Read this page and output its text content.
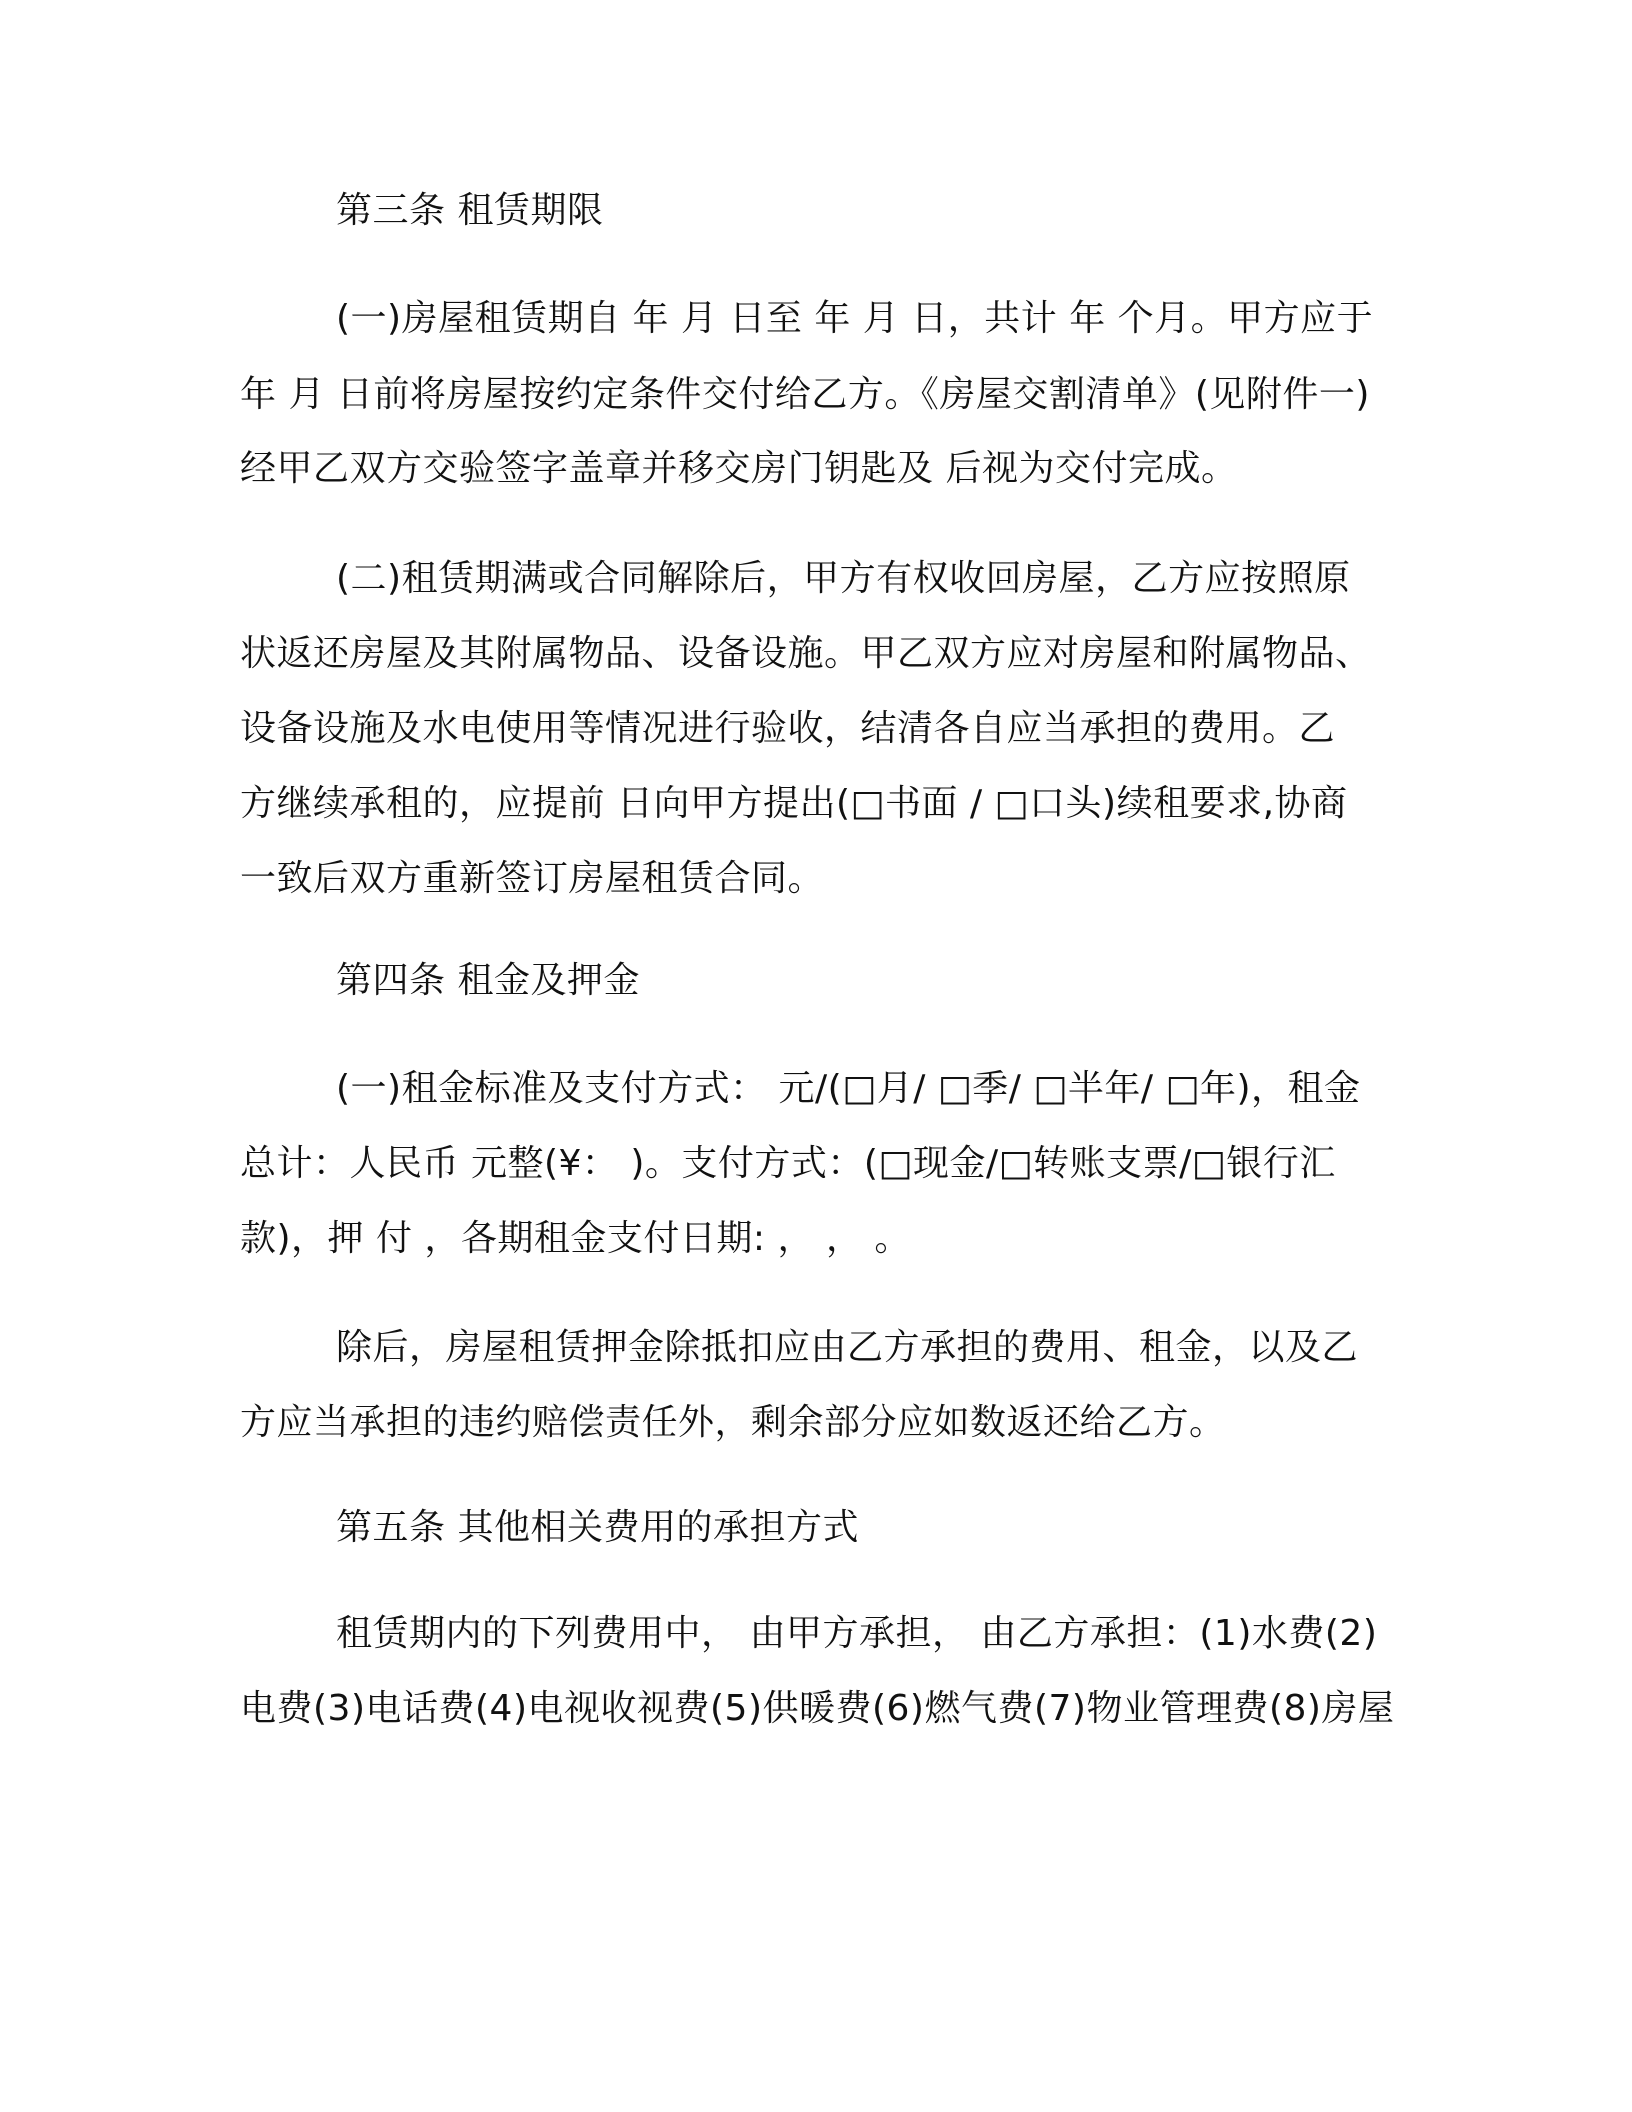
第三条 租赁期限
(一)房屋租赁期自 年 月 日至 年 月 日，共计 年 个月。甲方应于
年 月 日前将房屋按约定条件交付给乙方。《房屋交割清单》(见附件一)
经甲乙双方交验签字盖章并移交房门钥匙及 后视为交付完成。
(二)租赁期满或合同解除后，甲方有权收回房屋，乙方应按照原
状返还房屋及其附属物品、设备设施。甲乙双方应对房屋和附属物品、
设备设施及水电使用等情况进行验收，结清各自应当承担的费用。乙
方继续承租的，应提前 日向甲方提出(□书面 / □口头)续租要求,协商
一致后双方重新签订房屋租赁合同。
第四条 租金及押金
(一)租金标准及支付方式： 元/(□月/ □季/ □半年/ □年)，租金
总计：人民币 元整(¥： )。支付方式：(□现金/□转账支票/□银行汇
款)，押 付 ，各期租金支付日期: ， ， 。
除后，房屋租赁押金除抵扣应由乙方承担的费用、租金，以及乙
方应当承担的违约赔偿责任外，剩余部分应如数返还给乙方。
第五条 其他相关费用的承担方式
租赁期内的下列费用中， 由甲方承担， 由乙方承担：(1)水费(2)
电费(3)电话费(4)电视收视费(5)供暖费(6)燃气费(7)物业管理费(8)房屋
